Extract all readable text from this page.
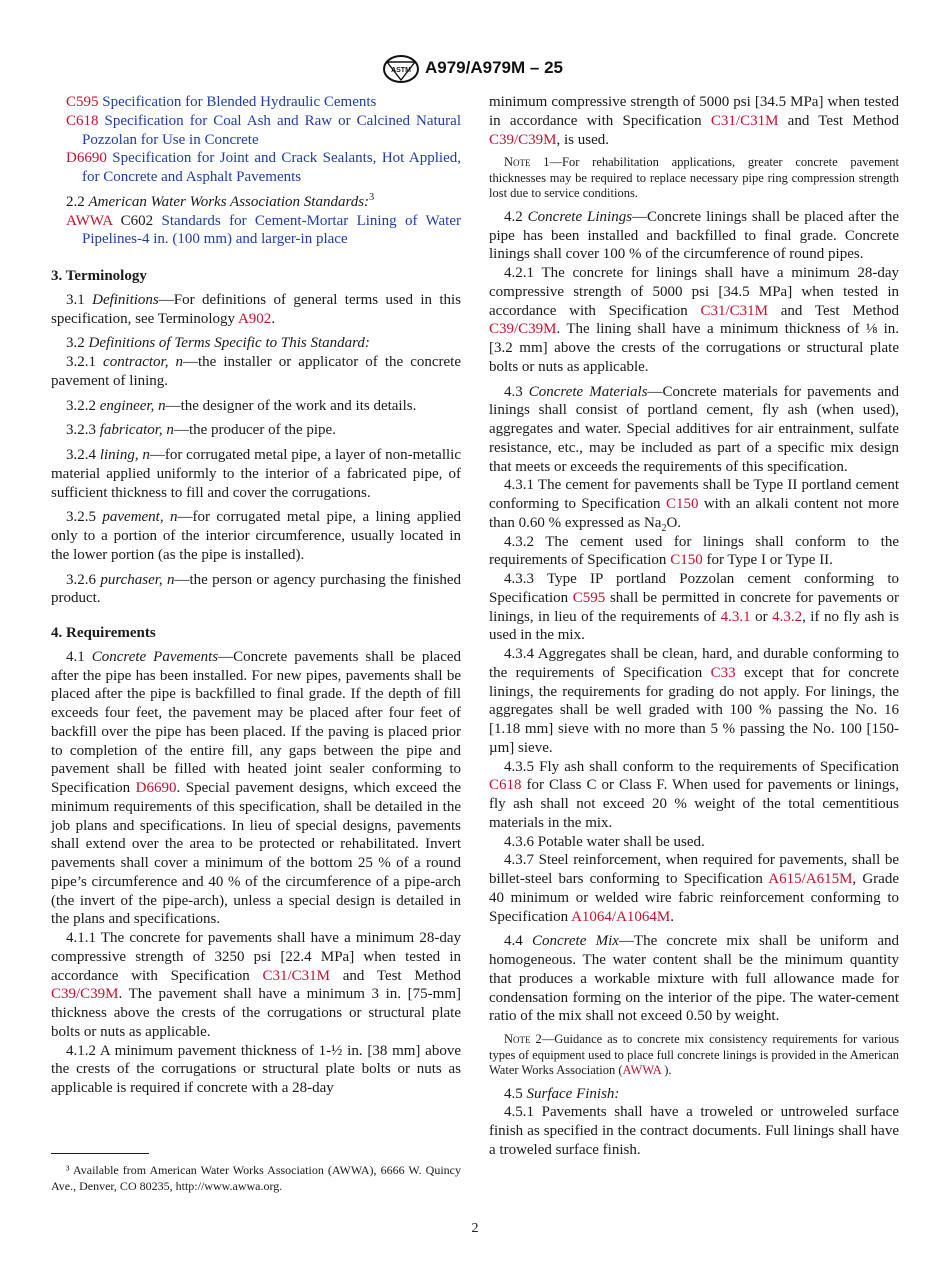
ASTM A979/A979M – 25
C595 Specification for Blended Hydraulic Cements
C618 Specification for Coal Ash and Raw or Calcined Natural Pozzolan for Use in Concrete
D6690 Specification for Joint and Crack Sealants, Hot Applied, for Concrete and Asphalt Pavements
2.2 American Water Works Association Standards:$^3$
AWWA C602 Standards for Cement-Mortar Lining of Water Pipelines-4 in. (100 mm) and larger-in place
3. Terminology
3.1 Definitions—For definitions of general terms used in this specification, see Terminology A902.
3.2 Definitions of Terms Specific to This Standard:
3.2.1 contractor, n—the installer or applicator of the concrete pavement of lining.
3.2.2 engineer, n—the designer of the work and its details.
3.2.3 fabricator, n—the producer of the pipe.
3.2.4 lining, n—for corrugated metal pipe, a layer of non-metallic material applied uniformly to the interior of a fabricated pipe, of sufficient thickness to fill and cover the corrugations.
3.2.5 pavement, n—for corrugated metal pipe, a lining applied only to a portion of the interior circumference, usually located in the lower portion (as the pipe is installed).
3.2.6 purchaser, n—the person or agency purchasing the finished product.
4. Requirements
4.1 Concrete Pavements—Concrete pavements shall be placed after the pipe has been installed. For new pipes, pavements shall be placed after the pipe is backfilled to final grade. If the depth of fill exceeds four feet, the pavement may be placed after four feet of backfill over the pipe has been placed. If the paving is placed prior to completion of the entire fill, any gaps between the pipe and pavement shall be filled with heated joint sealer conforming to Specification D6690. Special pavement designs, which exceed the minimum requirements of this specification, shall be detailed in the job plans and specifications. In lieu of special designs, pavements shall extend over the area to be protected or rehabilitated. Invert pavements shall cover a minimum of the bottom 25 % of a round pipe’s circumference and 40 % of the circumference of a pipe-arch (the invert of the pipe-arch), unless a special design is detailed in the plans and specifications.
4.1.1 The concrete for pavements shall have a minimum 28-day compressive strength of 3250 psi [22.4 MPa] when tested in accordance with Specification C31/C31M and Test Method C39/C39M. The pavement shall have a minimum 3 in. [75-mm] thickness above the crests of the corrugations or structural plate bolts or nuts as applicable.
4.1.2 A minimum pavement thickness of 1-½ in. [38 mm] above the crests of the corrugations or structural plate bolts or nuts as applicable is required if concrete with a 28-day
³ Available from American Water Works Association (AWWA), 6666 W. Quincy Ave., Denver, CO 80235, http://www.awwa.org.
minimum compressive strength of 5000 psi [34.5 MPa] when tested in accordance with Specification C31/C31M and Test Method C39/C39M, is used.
Note 1—For rehabilitation applications, greater concrete pavement thicknesses may be required to replace necessary pipe ring compression strength lost due to service conditions.
4.2 Concrete Linings—Concrete linings shall be placed after the pipe has been installed and backfilled to final grade. Concrete linings shall cover 100 % of the circumference of round pipes.
4.2.1 The concrete for linings shall have a minimum 28-day compressive strength of 5000 psi [34.5 MPa] when tested in accordance with Specification C31/C31M and Test Method C39/C39M. The lining shall have a minimum thickness of ⅛ in. [3.2 mm] above the crests of the corrugations or structural plate bolts or nuts as applicable.
4.3 Concrete Materials—Concrete materials for pavements and linings shall consist of portland cement, fly ash (when used), aggregates and water. Special additives for air entrainment, sulfate resistance, etc., may be included as part of a specific mix design that meets or exceeds the requirements of this specification.
4.3.1 The cement for pavements shall be Type II portland cement conforming to Specification C150 with an alkali content not more than 0.60 % expressed as $Na_2O$.
4.3.2 The cement used for linings shall conform to the requirements of Specification C150 for Type I or Type II.
4.3.3 Type IP portland Pozzolan cement conforming to Specification C595 shall be permitted in concrete for pavements or linings, in lieu of the requirements of 4.3.1 or 4.3.2, if no fly ash is used in the mix.
4.3.4 Aggregates shall be clean, hard, and durable conforming to the requirements of Specification C33 except that for concrete linings, the requirements for grading do not apply. For linings, the aggregates shall be well graded with 100 % passing the No. 16 [1.18 mm] sieve with no more than 5 % passing the No. 100 [150-µm] sieve.
4.3.5 Fly ash shall conform to the requirements of Specification C618 for Class C or Class F. When used for pavements or linings, fly ash shall not exceed 20 % weight of the total cementitious materials in the mix.
4.3.6 Potable water shall be used.
4.3.7 Steel reinforcement, when required for pavements, shall be billet-steel bars conforming to Specification A615/A615M, Grade 40 minimum or welded wire fabric reinforcement conforming to Specification A1064/A1064M.
4.4 Concrete Mix—The concrete mix shall be uniform and homogeneous. The water content shall be the minimum quantity that produces a workable mixture with full allowance made for condensation forming on the interior of the pipe. The water-cement ratio of the mix shall not exceed 0.50 by weight.
Note 2—Guidance as to concrete mix consistency requirements for various types of equipment used to place full concrete linings is provided in the American Water Works Association (AWWA ).
4.5 Surface Finish:
4.5.1 Pavements shall have a troweled or untroweled surface finish as specified in the contract documents. Full linings shall have a troweled surface finish.
2
